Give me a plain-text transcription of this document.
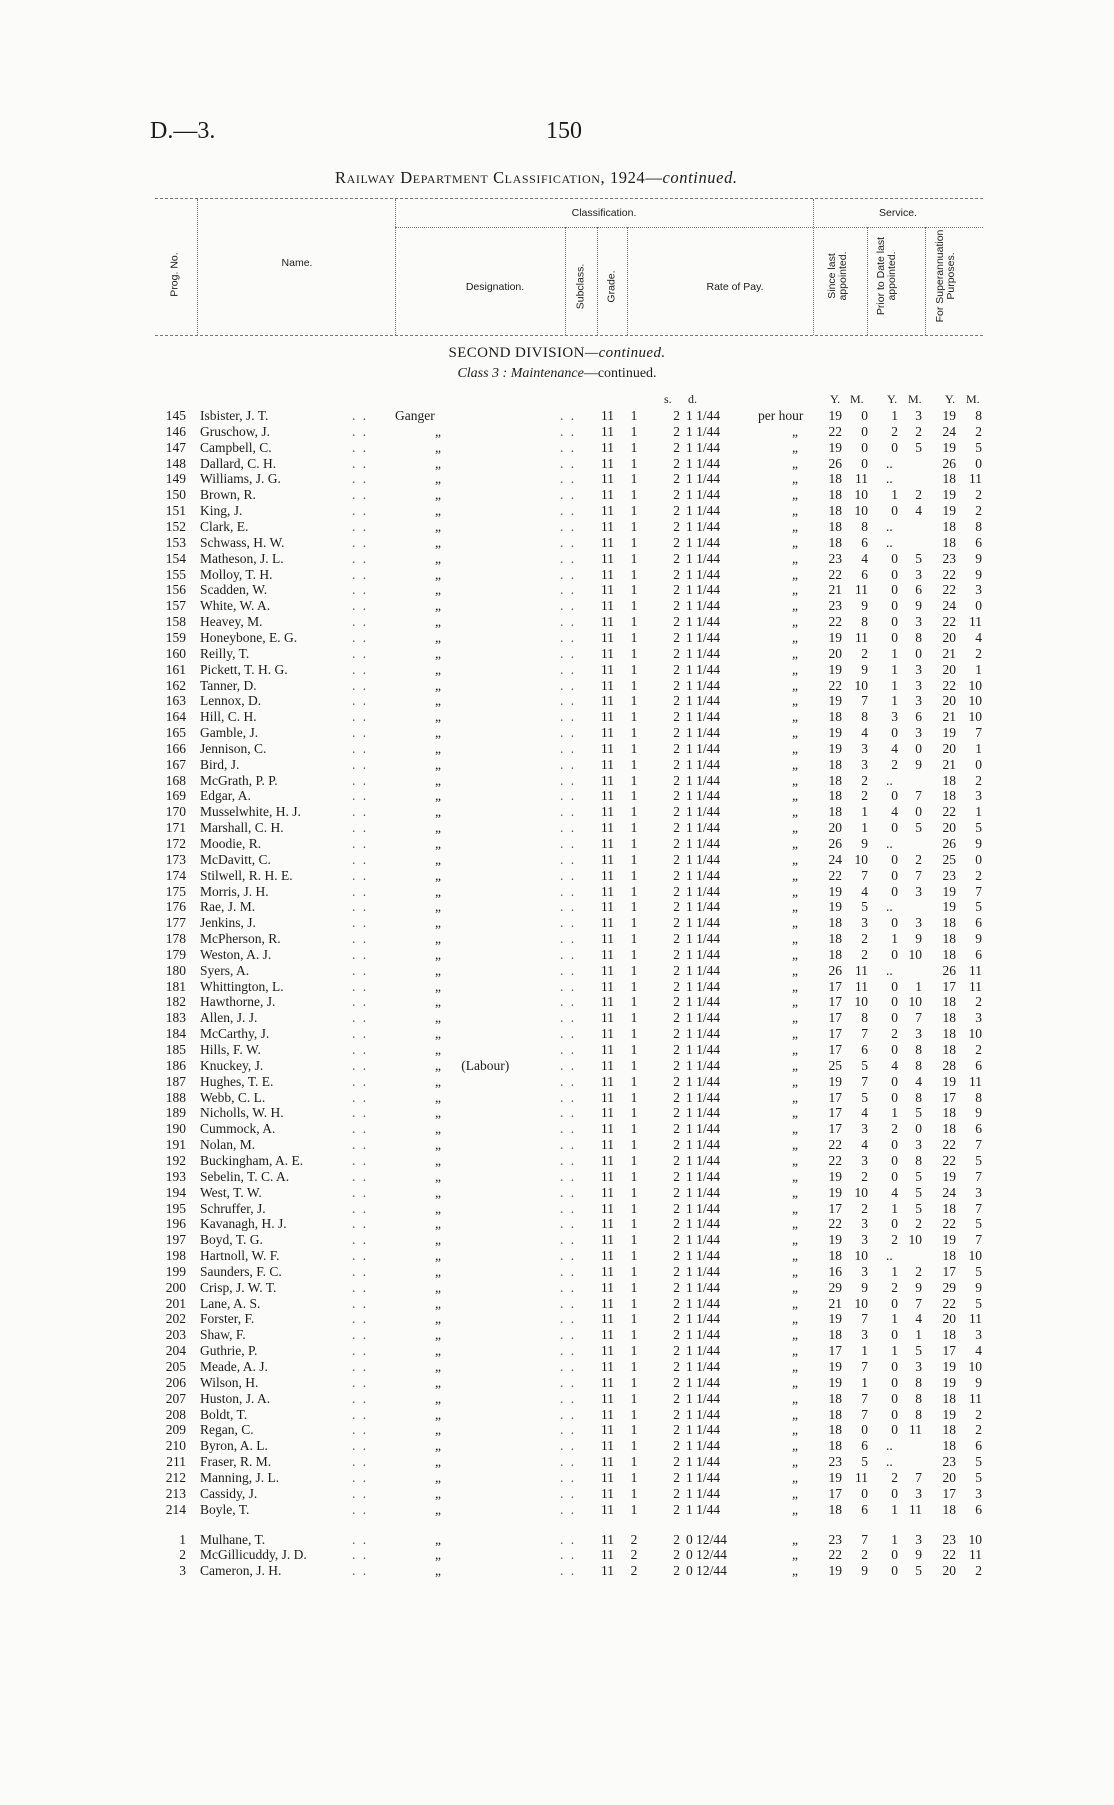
D.—3.	150
Railway Department Classification, 1924—continued.
Prog. No.	Name.
Classification.	Service.
Designation.	Subclass. Grade.	Rate of Pay.	Since last appointed.	Prior to Date last appointed.	For Superannuation Purposes.
SECOND DIVISION—continued.
Class 3 : Maintenance—continued.
s. d.	Y. M. Y. M. Y. M.
145 Isbister, J. T.	. .	Ganger	. .	11	1	2 1 1/44	per hour	19	0	1	3	19	8
146 Gruschow, J.	. .	„	. .	11	1	2 1 1/44	„	22	0	2	2	24	2
147 Campbell, C.	. .	„	. .	11	1	2 1 1/44	„	19	0	0	5	19	5
148 Dallard, C. H.	. .	„	. .	11	1	2 1 1/44	„	26	0 ..	26	0
149 Williams, J. G.	. .	„	. .	11	1	2 1 1/44	„	18 11 ..	18 11
150 Brown, R.	. .	„	. .	11	1	2 1 1/44	„	18 10	1	2	19	2
151 King, J.	. .	„	. .	11	1	2 1 1/44	„	18 10	0	4	19	2
152 Clark, E.	. .	„	. .	11	1	2 1 1/44	„	18	8 ..	18	8
153 Schwass, H. W.	. .	„	. .	11	1	2 1 1/44	„	18	6 ..	18	6
154 Matheson, J. L.	. .	„	. .	11	1	2 1 1/44	„	23	4	0	5	23	9
155 Molloy, T. H.	. .	„	. .	11	1	2 1 1/44	„	22	6	0	3	22	9
156 Scadden, W.	. .	„	. .	11	1	2 1 1/44	„	21 11	0	6	22	3
157 White, W. A.	. .	„	. .	11	1	2 1 1/44	„	23	9	0	9	24	0
158 Heavey, M.	. .	„	. .	11	1	2 1 1/44	„	22	8	0	3	22 11
159 Honeybone, E. G.	. .	„	. .	11	1	2 1 1/44	„	19 11	0	8	20	4
160 Reilly, T.	. .	„	. .	11	1	2 1 1/44	„	20	2	1	0	21	2
161 Pickett, T. H. G.	. .	„	. .	11	1	2 1 1/44	„	19	9	1	3	20	1
162 Tanner, D.	. .	„	. .	11	1	2 1 1/44	„	22 10	1	3	22 10
163 Lennox, D.	. .	„	. .	11	1	2 1 1/44	„	19	7	1	3	20 10
164 Hill, C. H.	. .	„	. .	11	1	2 1 1/44	„	18	8	3	6	21 10
165 Gamble, J.	. .	„	. .	11	1	2 1 1/44	„	19	4	0	3	19	7
166 Jennison, C.	. .	„	. .	11	1	2 1 1/44	„	19	3	4	0	20	1
167 Bird, J.	. .	„	. .	11	1	2 1 1/44	„	18	3	2	9	21	0
168 McGrath, P. P.	. .	„	. .	11	1	2 1 1/44	„	18	2 ..	18	2
169 Edgar, A.	. .	„	. .	11	1	2 1 1/44	„	18	2	0	7	18	3
170 Musselwhite, H. J.	. .	„	. .	11	1	2 1 1/44	„	18	1	4	0	22	1
171 Marshall, C. H.	. .	„	. .	11	1	2 1 1/44	„	20	1	0	5	20	5
172 Moodie, R.	. .	„	. .	11	1	2 1 1/44	„	26	9 ..	26	9
173 McDavitt, C.	. .	„	. .	11	1	2 1 1/44	„	24 10	0	2	25	0
174 Stilwell, R. H. E.	. .	„	. .	11	1	2 1 1/44	„	22	7	0	7	23	2
175 Morris, J. H.	. .	„	. .	11	1	2 1 1/44	„	19	4	0	3	19	7
176 Rae, J. M.	. .	„	. .	11	1	2 1 1/44	„	19	5 ..	19	5
177 Jenkins, J.	. .	„	. .	11	1	2 1 1/44	„	18	3	0	3	18	6
178 McPherson, R.	. .	„	. .	11	1	2 1 1/44	„	18	2	1	9	18	9
179 Weston, A. J.	. .	„	. .	11	1	2 1 1/44	„	18	2	0 10	18	6
180 Syers, A.	. .	„	. .	11	1	2 1 1/44	„	26 11 ..	26 11
181 Whittington, L.	. .	„	. .	11	1	2 1 1/44	„	17 11	0	1	17 11
182 Hawthorne, J.	. .	„	. .	11	1	2 1 1/44	„	17 10	0 10	18	2
183 Allen, J. J.	. .	„	. .	11	1	2 1 1/44	„	17	8	0	7	18	3
184 McCarthy, J.	. .	„	. .	11	1	2 1 1/44	„	17	7	2	3	18 10
185 Hills, F. W.	. .	„	. .	11	1	2 1 1/44	„	17	6	0	8	18	2
186 Knuckey, J.	. .	„      (Labour)	. .	11	1	2 1 1/44	„	25	5	4	8	28	6
187 Hughes, T. E.	. .	„	. .	11	1	2 1 1/44	„	19	7	0	4	19 11
188 Webb, C. L.	. .	„	. .	11	1	2 1 1/44	„	17	5	0	8	17	8
189 Nicholls, W. H.	. .	„	. .	11	1	2 1 1/44	„	17	4	1	5	18	9
190 Cummock, A.	. .	„	. .	11	1	2 1 1/44	„	17	3	2	0	18	6
191 Nolan, M.	. .	„	. .	11	1	2 1 1/44	„	22	4	0	3	22	7
192 Buckingham, A. E.	. .	„	. .	11	1	2 1 1/44	„	22	3	0	8	22	5
193 Sebelin, T. C. A.	. .	„	. .	11	1	2 1 1/44	„	19	2	0	5	19	7
194 West, T. W.	. .	„	. .	11	1	2 1 1/44	„	19 10	4	5	24	3
195 Schruffer, J.	. .	„	. .	11	1	2 1 1/44	„	17	2	1	5	18	7
196 Kavanagh, H. J.	. .	„	. .	11	1	2 1 1/44	„	22	3	0	2	22	5
197 Boyd, T. G.	. .	„	. .	11	1	2 1 1/44	„	19	3	2 10	19	7
198 Hartnoll, W. F.	. .	„	. .	11	1	2 1 1/44	„	18 10 ..	18 10
199 Saunders, F. C.	. .	„	. .	11	1	2 1 1/44	„	16	3	1	2	17	5
200 Crisp, J. W. T.	. .	„	. .	11	1	2 1 1/44	„	29	9	2	9	29	9
201 Lane, A. S.	. .	„	. .	11	1	2 1 1/44	„	21 10	0	7	22	5
202 Forster, F.	. .	„	. .	11	1	2 1 1/44	„	19	7	1	4	20 11
203 Shaw, F.	. .	„	. .	11	1	2 1 1/44	„	18	3	0	1	18	3
204 Guthrie, P.	. .	„	. .	11	1	2 1 1/44	„	17	1	1	5	17	4
205 Meade, A. J.	. .	„	. .	11	1	2 1 1/44	„	19	7	0	3	19 10
206 Wilson, H.	. .	„	. .	11	1	2 1 1/44	„	19	1	0	8	19	9
207 Huston, J. A.	. .	„	. .	11	1	2 1 1/44	„	18	7	0	8	18 11
208 Boldt, T.	. .	„	. .	11	1	2 1 1/44	„	18	7	0	8	19	2
209 Regan, C.	. .	„	. .	11	1	2 1 1/44	„	18	0	0 11	18	2
210 Byron, A. L.	. .	„	. .	11	1	2 1 1/44	„	18	6 ..	18	6
211 Fraser, R. M.	. .	„	. .	11	1	2 1 1/44	„	23	5 ..	23	5
212 Manning, J. L.	. .	„	. .	11	1	2 1 1/44	„	19 11	2	7	20	5
213 Cassidy, J.	. .	„	. .	11	1	2 1 1/44	„	17	0	0	3	17	3
214 Boyle, T.	. .	„	. .	11	1	2 1 1/44	„	18	6	1 11	18	6
1 Mulhane, T.	. .	„	. .	11	2	2 0 12/44	„	23	7	1	3	23 10
2 McGillicuddy, J. D.	. .	„	. .	11	2	2 0 12/44	„	22	2	0	9	22 11
3 Cameron, J. H.	. .	„	. .	11	2	2 0 12/44	„	19	9	0	5	20	2
